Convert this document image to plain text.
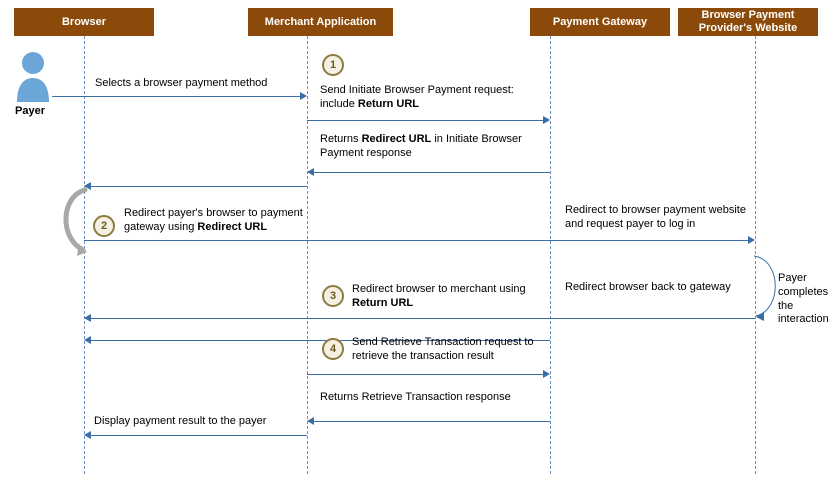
Browser	Merchant Application	Payment Gateway
Browser Payment Provider's Website
Payer
Selects a browser payment method
1
Send Initiate Browser Payment request: include Return URL
Returns Redirect URL in Initiate Browser Payment response
2
Redirect payer's browser to payment gateway using Redirect URL
Redirect to browser payment website and request payer to log in
Payer completes the interaction
Redirect browser back to gateway
3
Redirect browser to merchant using Return URL
4
Send Retrieve Transaction request to retrieve the transaction result
Returns Retrieve Transaction response
Display payment result to the payer
